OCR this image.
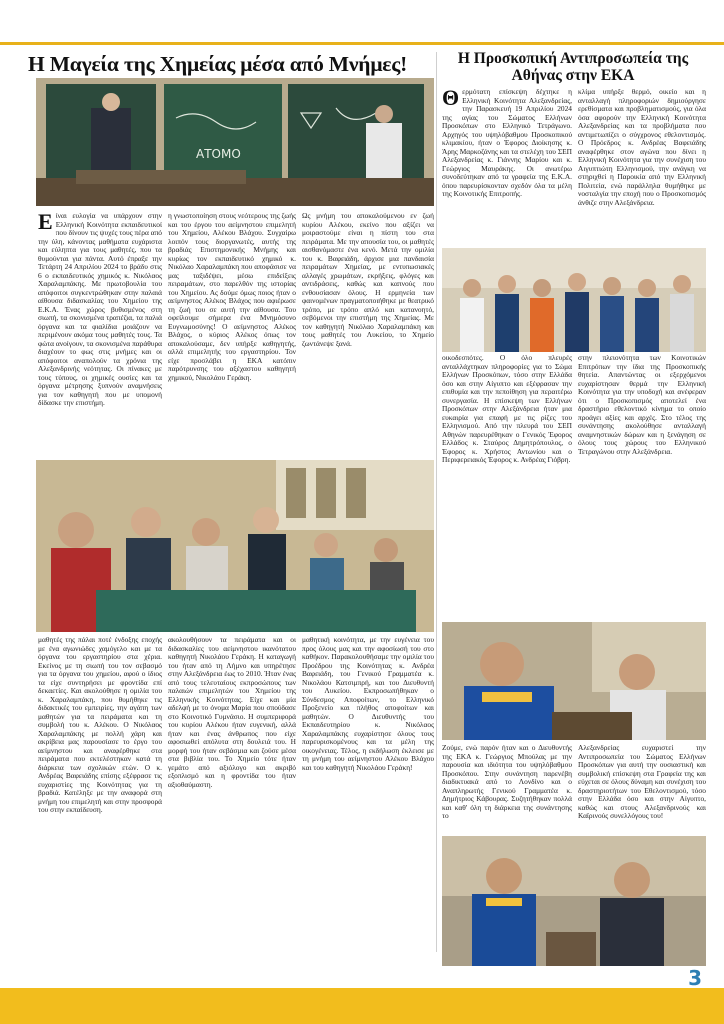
Η Μαγεία της Χημείας μέσα από Μνήμες!	Η Προσκοπική Αντιπροσωπεία της Αθήνας στην ΕΚΑ
ΑΤΟΜΟ
Είναι ευλογία να υπάρχουν στην Ελληνική Κοινότητα εκπαιδευτικοί που δίνουν τις ψυχές τους πέρα από την ύλη, κάνοντας μαθήματα ευχάριστα και εύληπτα για τους μαθητές, που τα θυμούνται για πάντα. Αυτό έπραξε την Τετάρτη 24 Απριλίου 2024 το βράδυ στις 6 ο εκπαιδευτικός χημικός κ. Νικόλαος Χαραλαμπάκης. Με πρωτοβουλία του απόφοιτοι συγκεντρώθηκαν στην παλαιά αίθουσα διδασκαλίας του Χημείου της Ε.Κ.Α. Ένας χώρος βυθισμένος στη σιωπή, τα σκονισμένα τραπέζια, τα παλιά όργανα και τα φιαλίδια μοιάζουν να περιμένουν ακόμα τους μαθητές τους. Τα φώτα ανοίγουν, τα σκονισμένα παράθυρα διαχέουν το φως στις μνήμες και οι απόφοιτοι αναπολούν τα χρόνια της Αλεξανδρινής νεότητας. Οι πίνακες με τους τύπους, οι χημικές ουσίες και τα όργανα μέτρησης ξυπνούν αναμνήσεις για τον καθηγητή που με υπομονή δίδασκε την επιστήμη.
η γνωστοποίηση στους νεότερους της ζωής και του έργου του αείμνηστου επιμελητή του Χημείου, Αλέκου Βλάχου. Συγχαίρω λοιπόν τους διοργανωτές, αυτής της βραδιάς Επιστημονικής Μνήμης και κυρίως τον εκπαιδευτικό χημικό κ. Νικόλαο Χαραλαμπάκη που αποφάσισε να μας ταξιδέψει, μέσω επιδείξεις πειραμάτων, στο παρελθόν της ιστορίας του Χημείου. Ας δούμε όμως ποιος ήταν ο αείμνηστος Αλέκος Βλάχος που αφιέρωσε τη ζωή του σε αυτή την αίθουσα. Του οφείλουμε σήμερα ένα Μνημόσυνο Ευγνωμοσύνης! Ο αείμνηστος Αλέκος Βλάχος, ο κύριος Αλέκος όπως τον αποκαλούσαμε, δεν υπήρξε καθηγητής, αλλά επιμελητής του εργαστηρίου. Τον είχε προσλάβει η ΕΚΑ κατόπιν παρότρυνσης του αξέχαστου καθηγητή χημικού, Νικολάου Γεράκη.
Ως μνήμη του αποκαλούμενου εν ζωή κυρίου Αλέκου, εκείνο που αξίζει να μοιραστούμε είναι η πίστη του στα πειράματα. Με την απουσία του, οι μαθητές αισθανόμαστε ένα κενό. Μετά την ομιλία του κ. Βαφειάδη, άρχισε μια πανδαισία πειραμάτων Χημείας, με εντυπωσιακές αλλαγές χρωμάτων, εκρήξεις, φλόγες και αντιδράσεις, καθώς και καπνούς που ενθουσίασαν όλους. Η ερμηνεία των φαινομένων πραγματοποιήθηκε με θεατρικό τρόπο, με τρόπο απλό και κατανοητό, σεβόμενοι την επιστήμη της Χημείας. Με τον καθηγητή Νικόλαο Χαραλαμπάκη και τους μαθητές του Λυκείου, το Χημείο ζωντάνεψε ξανά.
μαθητές της πάλαι ποτέ ένδοξης εποχής με ένα αγωνιώδες χαμόγελο και με τα όργανα του εργαστηρίου στα χέρια. Εκείνος με τη σιωπή του τον σεβασμό για τα όργανα του χημείου, αφού ο ίδιος τα είχε συντηρήσει με φροντίδα επί δεκαετίες. Και ακολούθησε η ομιλία του κ. Χαραλαμπάκη, που θυμήθηκε τις διδακτικές του εμπειρίες, την αγάπη των μαθητών για τα πειράματα και τη συμβολή του κ. Αλέκου. Ο Νικόλαος Χαραλαμπάκης με πολλή χάρη και ακρίβεια μας παρουσίασε το έργο του αείμνηστου και αναφέρθηκε στα πειράματα που εκτελέστηκαν κατά τη διάρκεια των σχολικών ετών. Ο κ. Ανδρέας Βαφειάδης επίσης εξέφρασε τις ευχαριστίες της Κοινότητας για τη βραδιά. Κατέληξε με την αναφορά στη μνήμη του επιμελητή και στην προσφορά του στην εκπαίδευση.
ακολουθήσουν τα πειράματα και οι διδασκαλίες του αείμνηστου ικανότατου καθηγητή Νικολάου Γεράκη. Η καταγωγή του ήταν από τη Λήμνο και υπηρέτησε στην Αλεξάνδρεια έως το 2010. Ήταν ένας από τους τελευταίους εκπροσώπους των παλαιών επιμελητών του Χημείου της Ελληνικής Κοινότητας. Είχε και μία αδελφή με το όνομα Μαρία που σπούδασε στο Κοινοτικό Γυμνάσιο. Η συμπεριφορά του κυρίου Αλέκου ήταν ευγενική, αλλά ήταν και ένας άνθρωπος που είχε αφοσιωθεί απόλυτα στη δουλειά του. Η μορφή του ήταν σεβάσμια και ζούσε μέσα στα βιβλία του. Το Χημείο τότε ήταν γεμάτο από αξιόλογο και ακριβό εξοπλισμό και η φροντίδα του ήταν αξιοθαύμαστη.
μαθητική κοινότητα, με την ευγένεια του προς όλους μας και την αφοσίωσή του στο καθήκον. Παρακολουθήσαμε την ομιλία του Προέδρου της Κοινότητας κ. Ανδρέα Βαφειάδη, του Γενικού Γραμματέα κ. Νικολάου Κατσιμπρή, και του Διευθυντή του Λυκείου. Εκπροσωπήθηκαν ο Σύνδεσμος Αποφοίτων, το Ελληνικό Προξενείο και πλήθος αποφοίτων και μαθητών. Ο Διευθυντής του Εκπαιδευτηρίου κ. Νικόλαος Χαραλαμπάκης ευχαρίστησε όλους τους παρευρισκομένους και τα μέλη της οικογένειας. Τέλος, η εκδήλωση έκλεισε με τη μνήμη του αείμνηστου Αλέκου Βλάχου και του καθηγητή Νικολάου Γεράκη!
Θερμότατη επίσκεψη δέχτηκε η Ελληνική Κοινότητα Αλεξανδρείας, την Παρασκευή 19 Απριλίου 2024 της αγίας του Σώματος Ελλήνων Προσκόπων στο Ελληνικό Τετράγωνο. Αρχηγός του υψηλόβαθμου Προσκοπικού κλιμακίου, ήταν ο Έφορος Διοίκησης κ. Άρης Μαρκοζάνης και τα στελέχη του ΣΕΠ Αλεξανδρείας κ. Γιάννης Μαρίου και κ. Γεώργιος Μαυράκης. Οι ανωτέρω συνοδεύτηκαν από τα γραφεία της Ε.Κ.Α. όπου παρευρίσκονταν σχεδόν όλα τα μέλη της Κοινοτικής Επιτροπής.
κλίμα υπήρξε θερμό, οικείο και η ανταλλαγή πληροφοριών δημιούργησε ερεθίσματα και προβληματισμούς, για όλα όσα αφορούν την Ελληνική Κοινότητα Αλεξανδρείας και τα προβλήματα που αντιμετωπίζει ο σύγχρονος εθελοντισμός. Ο Πρόεδρος κ. Ανδρέας Βαφειάδης αναφέρθηκε στον αγώνα που δίνει η Ελληνική Κοινότητα για την συνέχιση του Αιγυπτιώτη Ελληνισμού, την ανάγκη να στηριχθεί η Παροικία από την Ελληνική Πολιτεία, ενώ παράλληλα θυμήθηκε με νοσταλγία την εποχή που ο Προσκοπισμός άνθιζε στην Αλεξάνδρεια.
οικοδεσπότες. Ο όλο πλευρές ανταλλάχτηκαν πληροφορίες για το Σώμα Ελλήνων Προσκόπων, τόσο στην Ελλάδα όσο και στην Αίγυπτο και εξέφρασαν την επιθυμία και την πεποίθηση για περαιτέρω συνεργασία. Η επίσκεψη των Ελλήνων Προσκόπων στην Αλεξάνδρεια ήταν μια ευκαιρία για επαφή με τις ρίζες του Ελληνισμού. Από την πλευρά του ΣΕΠ Αθηνών παρευρέθηκαν ο Γενικός Έφορος Ελλάδος κ. Σταύρος Δημητρόπουλος, ο Έφορος κ. Χρήστος Αντωνίου και ο Περιφερειακός Έφορος κ. Ανδρέας Γιόβρη.
στην πλειονότητα των Κοινοτικών Επιτρόπων την ίδια της Προσκοπικής θητεία. Απαντώντας οι εξερχόμενοι ευχαρίστησαν θερμά την Ελληνική Κοινότητα για την υποδοχή και ανέφεραν ότι ο Προσκοπισμός αποτελεί ένα δραστήριο εθελοντικό κίνημα το οποίο προάγει αξίες και αρχές. Στο τέλος της συνάντησης ακολούθησε ανταλλαγή αναμνηστικών δώρων και η ξενάγηση σε όλους τους χώρους του Ελληνικού Τετραγώνου στην Αλεξάνδρεια.
Ζούμε, ενώ παρόν ήταν και ο Διευθυντής της ΕΚΑ κ. Γεώργιος Μπούλας με την παρουσία και ιδιότητα του υψηλόβαθμου Προσκόπου. Στην συνάντηση παρενέβη διαδικτυακά από το Λονδίνο και ο Αναπληρωτής Γενικού Γραμματέα κ. Δημήτριος Κάβουρας. Συζητήθηκαν πολλά και καθ' όλη τη διάρκεια της συνάντησης το
Αλεξανδρείας ευχαριστεί την Αντιπροσωπεία του Σώματος Ελλήνων Προσκόπων για αυτή την ουσιαστική και συμβολική επίσκεψη στα Γραφεία της και εύχεται σε όλους δύναμη και συνέχιση του δραστηριοτήτων του Εθελοντισμού, τόσο στην Ελλάδα όσο και στην Αίγυπτο, καθώς και στους Αλεξανδρινούς και Καϊρινούς συνελλόγους του!
3
